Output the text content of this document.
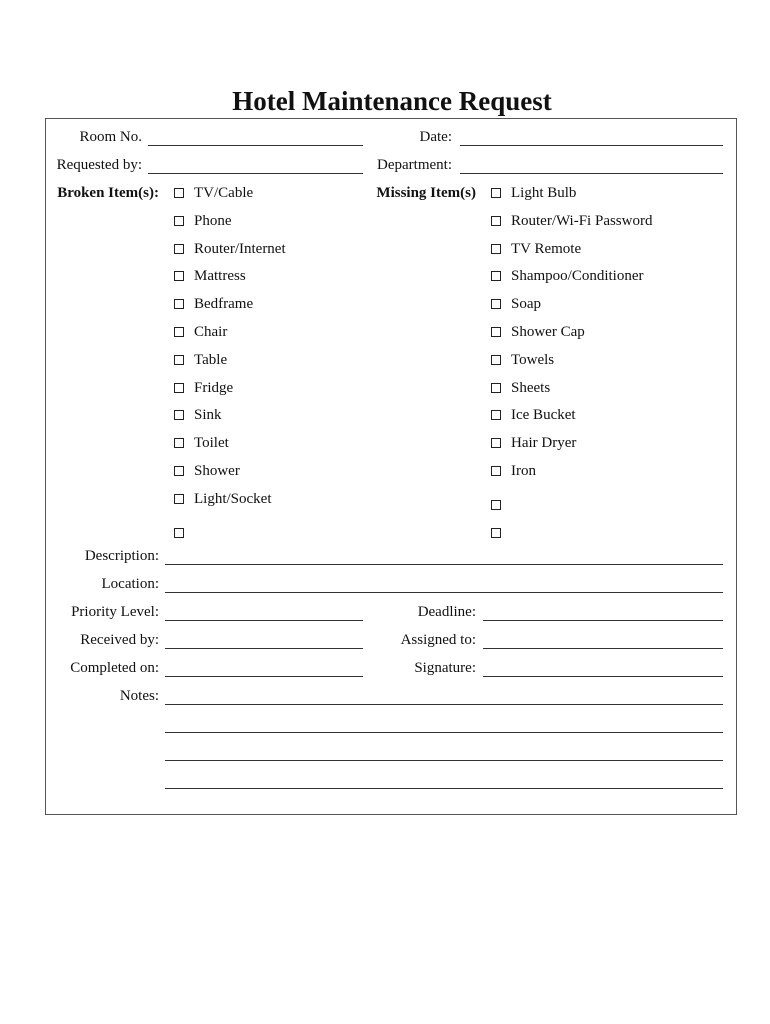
Hotel Maintenance Request
Room No.	Date:
Requested by:	Department:
Broken Item(s): TV/Cable
Phone
Router/Internet
Mattress
Bedframe
Chair
Table
Fridge
Sink
Toilet
Shower
Light/Socket
Missing Item(s) Light Bulb
Router/Wi-Fi Password
TV Remote
Shampoo/Conditioner
Soap
Shower Cap
Towels
Sheets
Ice Bucket
Hair Dryer
Iron
Description:
Location:
Priority Level:	Deadline:
Received by:	Assigned to:
Completed on:	Signature:
Notes:
